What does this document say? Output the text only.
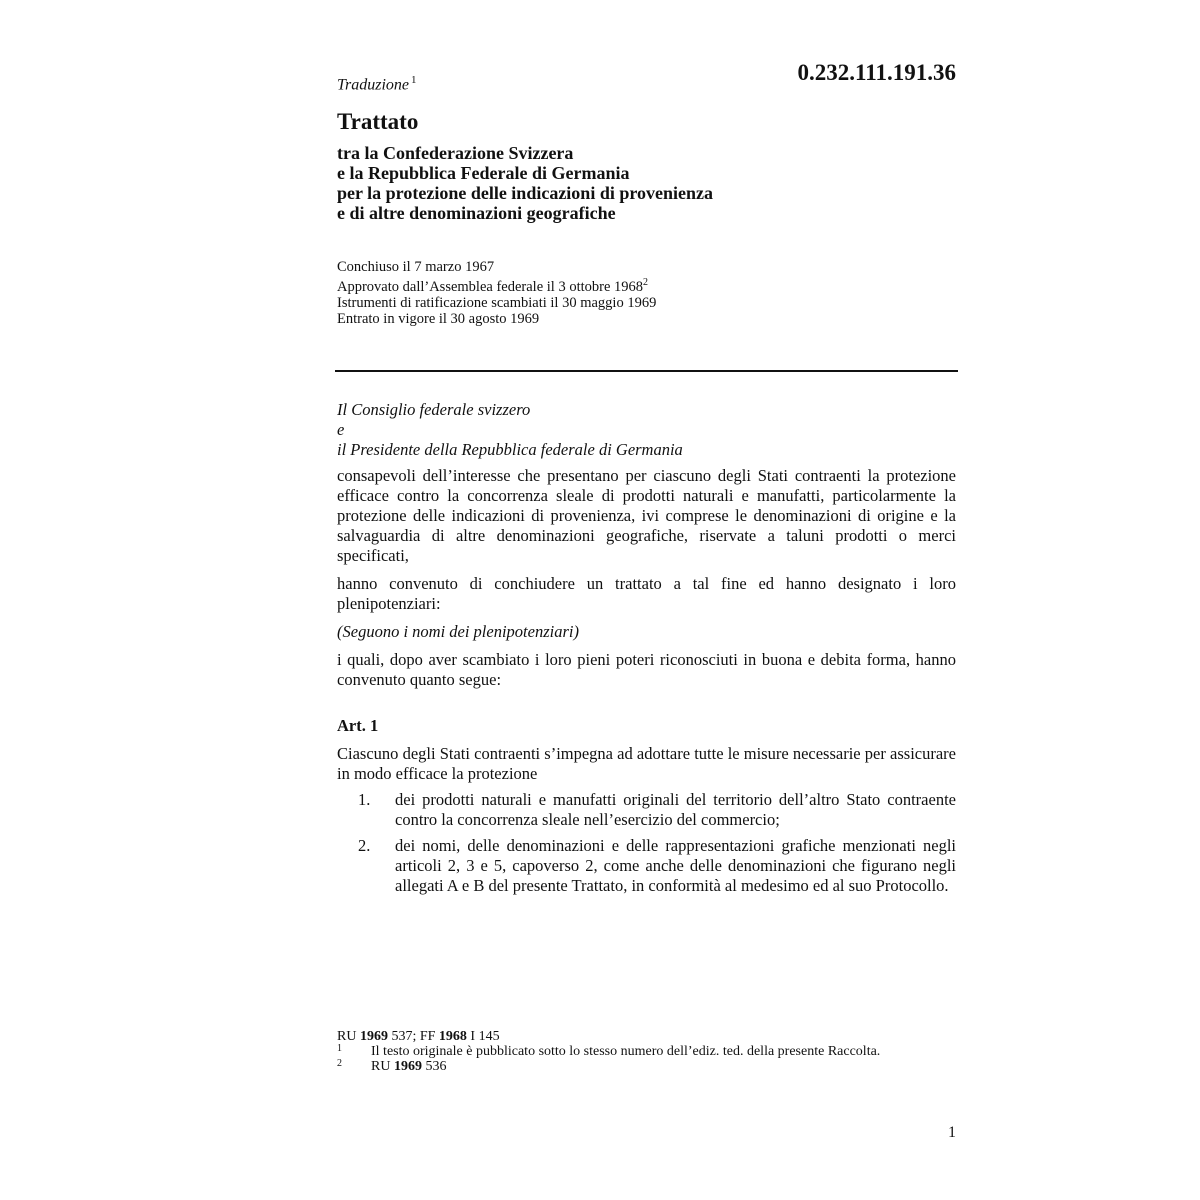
0.232.111.191.36
Traduzione $^1$
Trattato
tra la Confederazione Svizzera
e la Repubblica Federale di Germania
per la protezione delle indicazioni di provenienza
e di altre denominazioni geografiche
Conchiuso il 7 marzo 1967
Approvato dall’Assemblea federale il 3 ottobre 1968$^2$
Istrumenti di ratificazione scambiati il 30 maggio 1969
Entrato in vigore il 30 agosto 1969

Il Consiglio federale svizzero

e

il Presidente della Repubblica federale di Germania

consapevoli dell’interesse che presentano per ciascuno degli Stati contraenti la protezione efficace contro la concorrenza sleale di prodotti naturali e manufatti, particolarmente la protezione delle indicazioni di provenienza, ivi comprese le denominazioni di origine e la salvaguardia di altre denominazioni geografiche, riservate a taluni prodotti o merci specificati,

hanno convenuto di conchiudere un trattato a tal fine ed hanno designato i loro plenipotenziari:

(Seguono i nomi dei plenipotenziari)

i quali, dopo aver scambiato i loro pieni poteri riconosciuti in buona e debita forma, hanno convenuto quanto segue:

Art. 1

Ciascuno degli Stati contraenti s’impegna ad adottare tutte le misure necessarie per assicurare in modo efficace la protezione

1. dei prodotti naturali e manufatti originali del territorio dell’altro Stato contraente contro la concorrenza sleale nell’esercizio del commercio;
2. dei nomi, delle denominazioni e delle rappresentazioni grafiche menzionati negli articoli 2, 3 e 5, capoverso 2, come anche delle denominazioni che figurano negli allegati A e B del presente Trattato, in conformità al medesimo ed al suo Protocollo.
RU 1969 537; FF 1968 I 145
1 Il testo originale è pubblicato sotto lo stesso numero dell’ediz. ted. della presente Raccolta.
2 RU 1969 536
1
